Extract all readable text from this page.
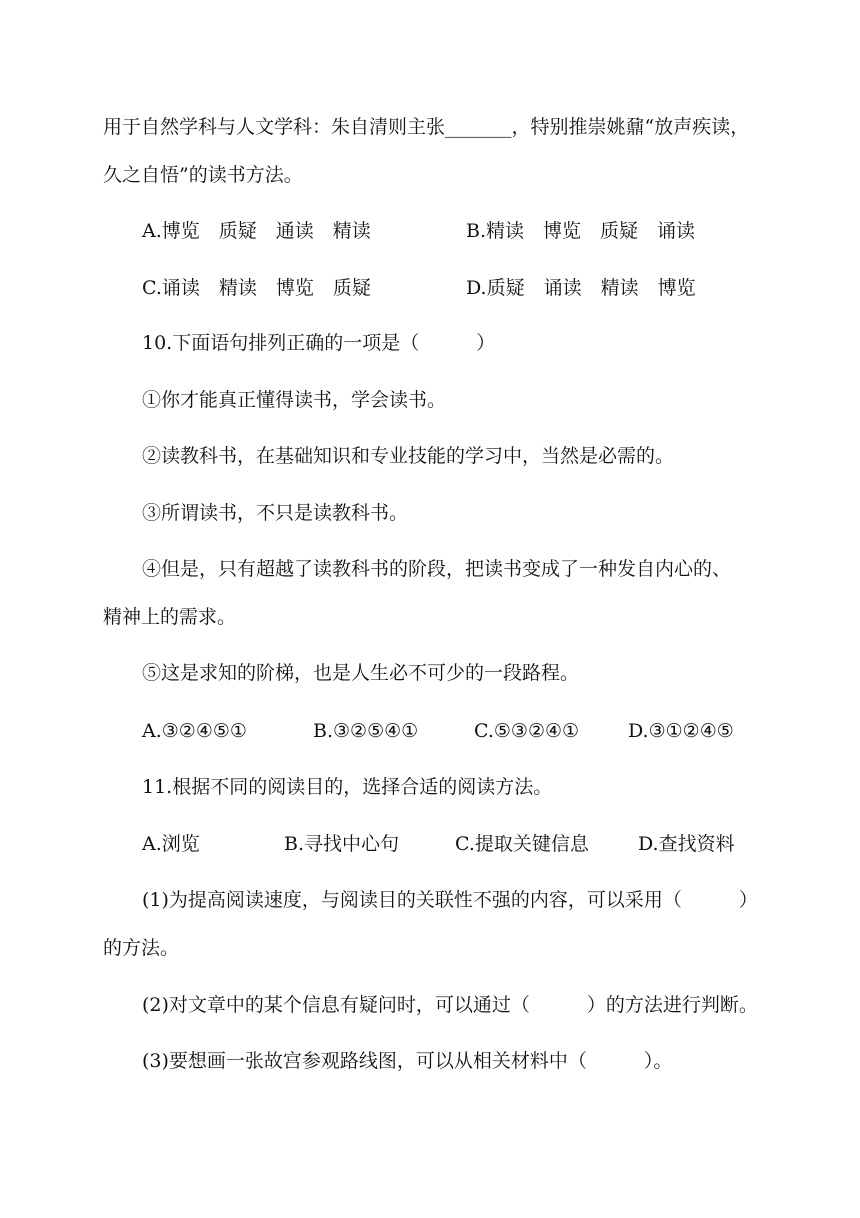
用于自然学科与人文学科：朱自清则主张_______，特别推崇姚鼐“放声疾读，
久之自悟”的读书方法。
A.博览　质疑　通读　精读	B.精读　博览　质疑　诵读
C.诵读　精读　博览　质疑	D.质疑　诵读　精读　博览
10.下面语句排列正确的一项是（　　　）
①你才能真正懂得读书，学会读书。
②读教科书，在基础知识和专业技能的学习中，当然是必需的。
③所谓读书，不只是读教科书。
④但是，只有超越了读教科书的阶段，把读书变成了一种发自内心的、
精神上的需求。
⑤这是求知的阶梯，也是人生必不可少的一段路程。
A.③②④⑤①	B.③②⑤④①	C.⑤③②④①	D.③①②④⑤
11.根据不同的阅读目的，选择合适的阅读方法。
A.浏览	B.寻找中心句	C.提取关键信息	D.查找资料
(1)为提高阅读速度，与阅读目的关联性不强的内容，可以采用（　　　）
的方法。
(2)对文章中的某个信息有疑问时，可以通过（　　　）的方法进行判断。
(3)要想画一张故宫参观路线图，可以从相关材料中（　　　）。
